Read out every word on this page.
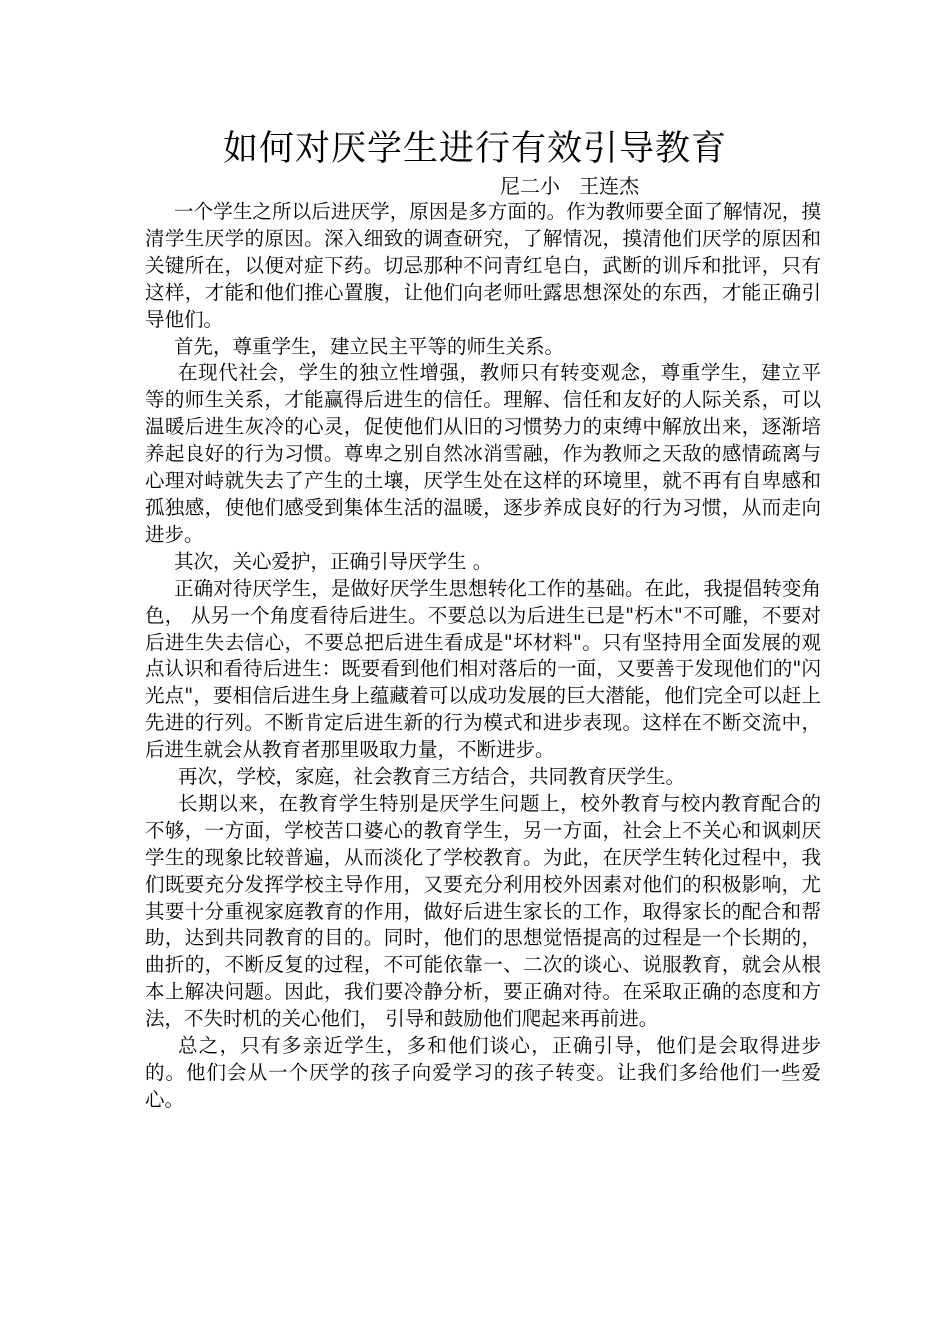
如何对厌学生进行有效引导教育
尼二小   王连杰

一个学生之所以后进厌学，原因是多方面的。作为教师要全面了解情况，摸清学生厌学的原因。深入细致的调查研究，了解情况，摸清他们厌学的原因和关键所在，以便对症下药。切忌那种不问青红皂白，武断的训斥和批评，只有这样，才能和他们推心置腹，让他们向老师吐露思想深处的东西，才能正确引导他们。

首先，尊重学生，建立民主平等的师生关系。

在现代社会，学生的独立性增强，教师只有转变观念，尊重学生，建立平等的师生关系，才能赢得后进生的信任。理解、信任和友好的人际关系，可以温暖后进生灰冷的心灵，促使他们从旧的习惯势力的束缚中解放出来，逐渐培养起良好的行为习惯。尊卑之别自然冰消雪融，作为教师之天敌的感情疏离与心理对峙就失去了产生的土壤，厌学生处在这样的环境里，就不再有自卑感和孤独感，使他们感受到集体生活的温暖，逐步养成良好的行为习惯，从而走向进步。

其次，关心爱护，正确引导厌学生 。

正确对待厌学生，是做好厌学生思想转化工作的基础。在此，我提倡转变角色， 从另一个角度看待后进生。不要总以为后进生已是"朽木"不可雕，不要对后进生失去信心，不要总把后进生看成是"坏材料"。只有坚持用全面发展的观点认识和看待后进生：既要看到他们相对落后的一面，又要善于发现他们的"闪光点"，要相信后进生身上蕴藏着可以成功发展的巨大潜能，他们完全可以赶上先进的行列。不断肯定后进生新的行为模式和进步表现。这样在不断交流中，后进生就会从教育者那里吸取力量，不断进步。

再次，学校，家庭，社会教育三方结合，共同教育厌学生。

长期以来，在教育学生特别是厌学生问题上，校外教育与校内教育配合的不够，一方面，学校苦口婆心的教育学生，另一方面，社会上不关心和讽刺厌学生的现象比较普遍，从而淡化了学校教育。为此，在厌学生转化过程中，我们既要充分发挥学校主导作用，又要充分利用校外因素对他们的积极影响，尤其要十分重视家庭教育的作用，做好后进生家长的工作，取得家长的配合和帮助，达到共同教育的目的。同时，他们的思想觉悟提高的过程是一个长期的，曲折的，不断反复的过程，不可能依靠一、二次的谈心、说服教育，就会从根本上解决问题。因此，我们要冷静分析，要正确对待。在采取正确的态度和方法，不失时机的关心他们， 引导和鼓励他们爬起来再前进。

总之，只有多亲近学生，多和他们谈心，正确引导，他们是会取得进步的。他们会从一个厌学的孩子向爱学习的孩子转变。让我们多给他们一些爱心。
